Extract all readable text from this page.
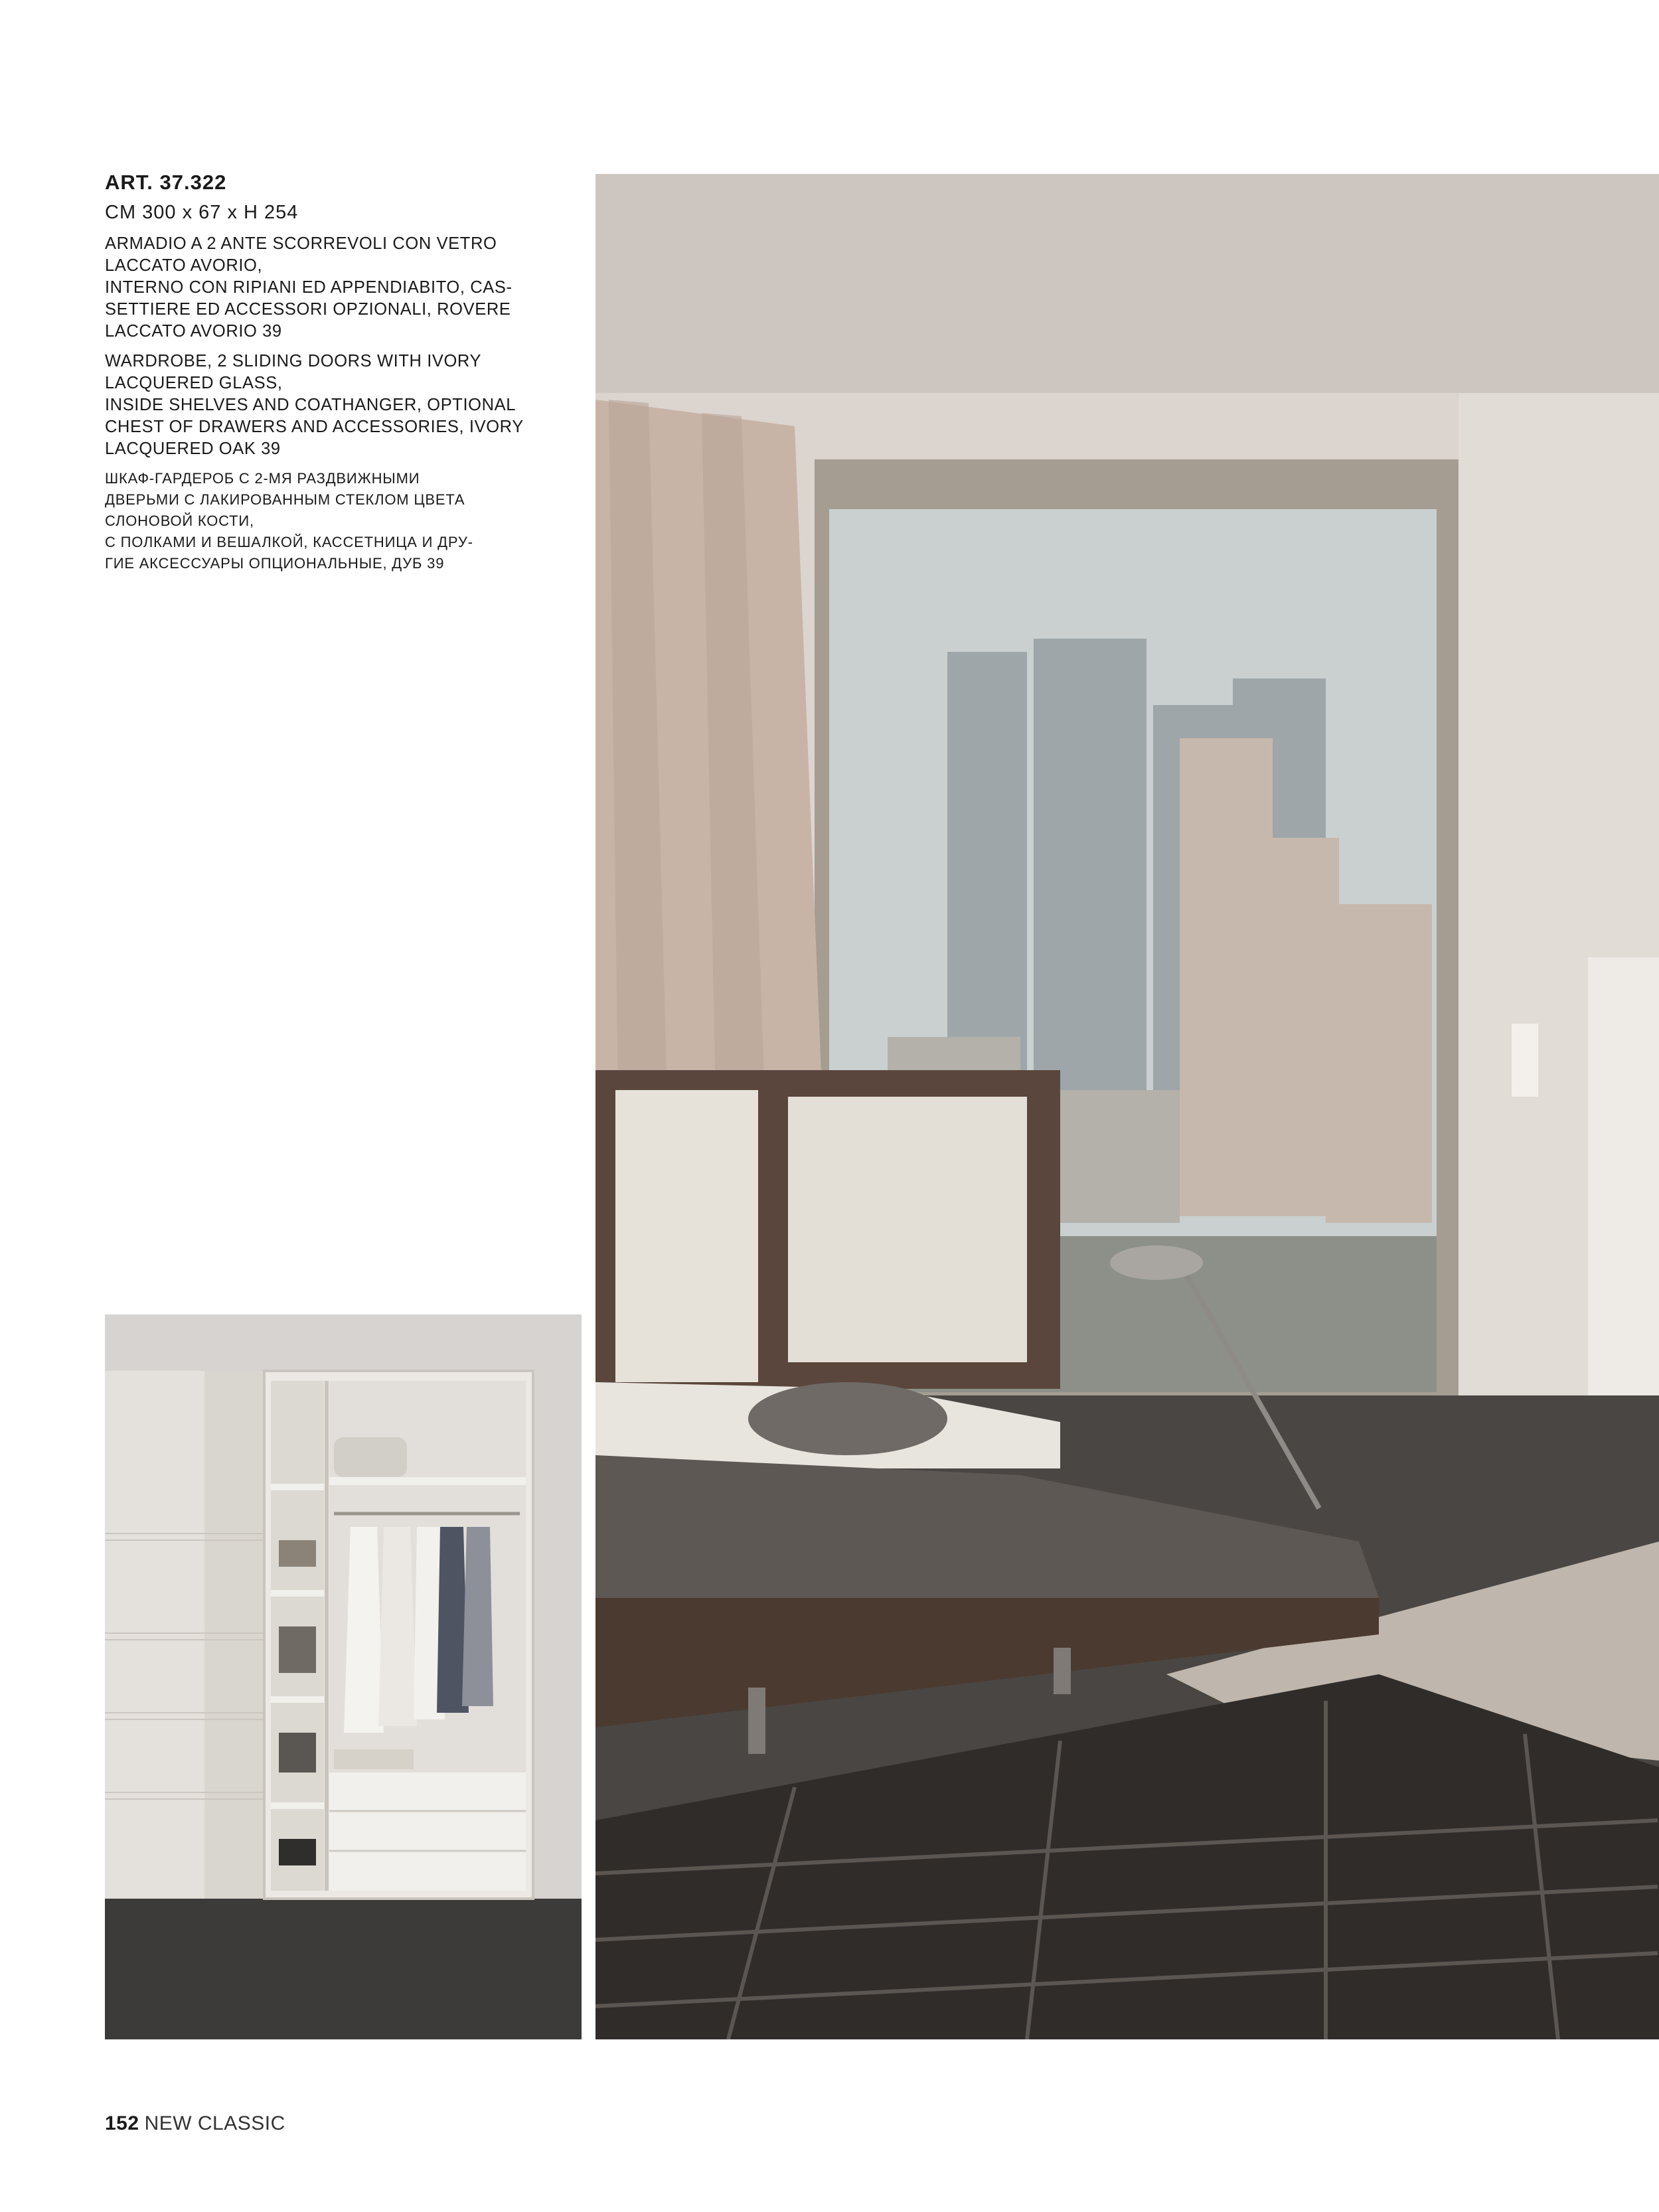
ART. 37.322
CM 300 x 67 x H 254
ARMADIO A 2 ANTE SCORREVOLI CON VETRO
LACCATO AVORIO,
INTERNO CON RIPIANI ED APPENDIABITO, CAS-
SETTIERE ED ACCESSORI OPZIONALI, ROVERE
LACCATO AVORIO 39
WARDROBE, 2 SLIDING DOORS WITH IVORY
LACQUERED GLASS,
INSIDE SHELVES AND COATHANGER, OPTIONAL
CHEST OF DRAWERS AND ACCESSORIES, IVORY
LACQUERED OAK 39
ШКАФ-ГАРДЕРОБ С 2-МЯ РАЗДВИЖНЫМИ
ДВЕРЬМИ С ЛАКИРОВАННЫМ СТЕКЛОМ ЦВЕТА
СЛОНОВОЙ КОСТИ,
С ПОЛКАМИ И ВЕШАЛКОЙ, КАССЕТНИЦА И ДРУ-
ГИЕ АКСЕССУАРЫ ОПЦИОНАЛЬНЫЕ, ДУБ 39
152 NEW CLASSIC
